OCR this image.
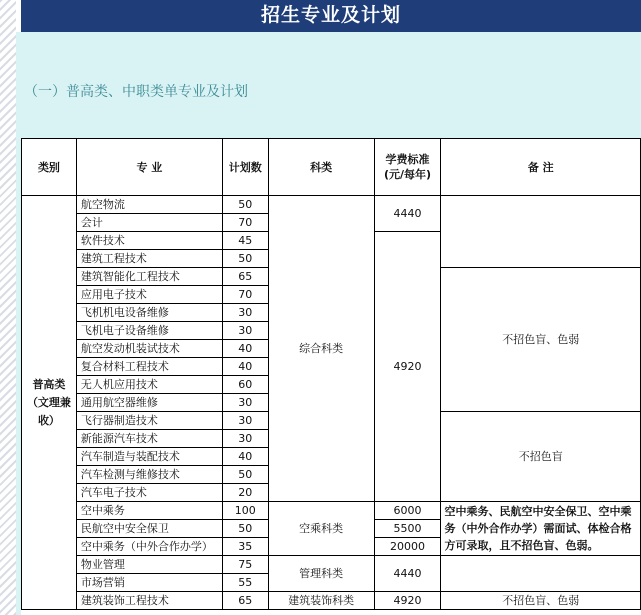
招生专业及计划
（一）普高类、中职类单专业及计划
类别	专 业	计划数	科类	学费标准(元/每年)	备 注
普高类（文理兼收）	航空物流	50	综合科类	4440	
	会计	70			
	软件技术	45		4920	
	建筑工程技术	50			
	建筑智能化工程技术	65			不招色盲、色弱
	应用电子技术	70			
	飞机机电设备维修	30			
	飞机电子设备维修	30			
	航空发动机装试技术	40			
	复合材料工程技术	40			
	无人机应用技术	60			
	通用航空器维修	30			
	飞行器制造技术	30			不招色盲
	新能源汽车技术	30			
	汽车制造与装配技术	40			
	汽车检测与维修技术	50			
	汽车电子技术	20			
	空中乘务	100	空乘科类	6000	空中乘务、民航空中安全保卫、空中乘务（中外合作办学）需面试、体检合格方可录取，且不招色盲、色弱。
	民航空中安全保卫	50		5500	
	空中乘务（中外合作办学）	35		20000	
	物业管理	75	管理科类	4440	
	市场营销	55			
	建筑装饰工程技术	65	建筑装饰科类	4920	不招色盲、色弱
